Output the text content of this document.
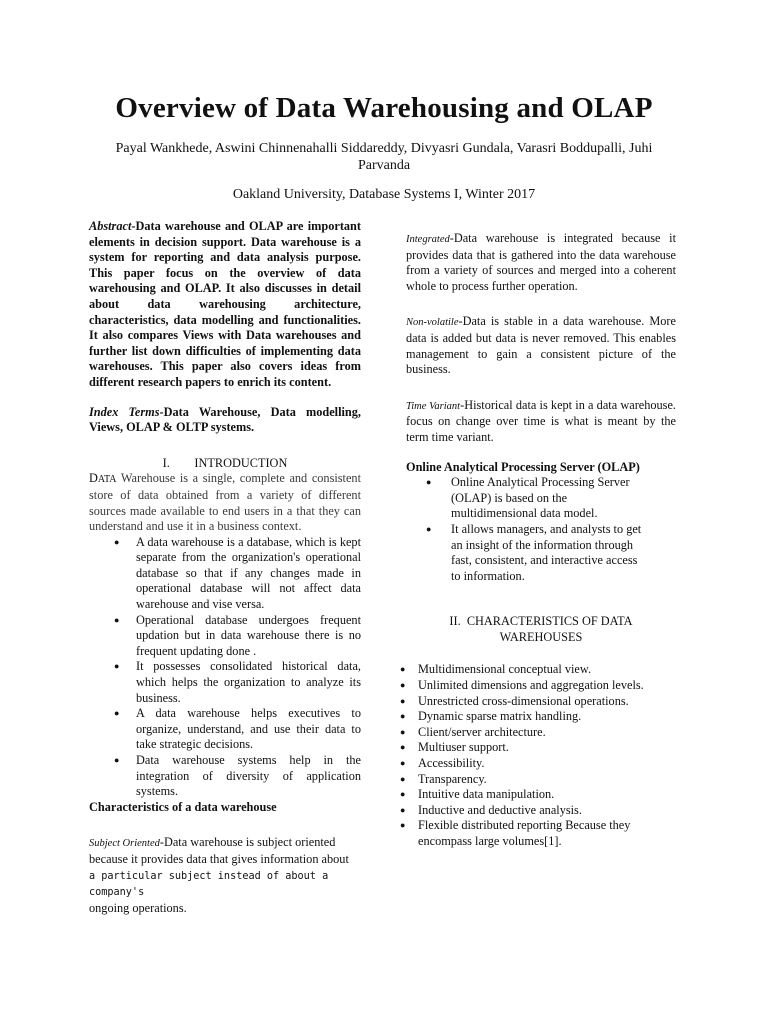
Overview of Data Warehousing and OLAP

Payal Wankhede, Aswini Chinnenahalli Siddareddy, Divyasri Gundala, Varasri Boddupalli, Juhi Parvanda

Oakland University, Database Systems I, Winter 2017

Abstract-Data warehouse and OLAP are important elements in decision support. Data warehouse is a system for reporting and data analysis purpose. This paper focus on the overview of data warehousing and OLAP. It also discusses in detail about data warehousing architecture, characteristics, data modelling and functionalities. It also compares Views with Data warehouses and further list down difficulties of implementing data warehouses. This paper also covers ideas from different research papers to enrich its content.

Index Terms-Data Warehouse, Data modelling, Views, OLAP & OLTP systems.

I.        INTRODUCTION

DATA Warehouse is a single, complete and consistent store of data obtained from a variety of different sources made available to end users in a that they can understand and use it in a business context.

● A data warehouse is a database, which is kept separate from the organization's operational database so that if any changes made in operational database will not affect data warehouse and vise versa.
● Operational database undergoes frequent updation but in data warehouse there is no frequent updating done .
● It possesses consolidated historical data, which helps the organization to analyze its business.
● A data warehouse helps executives to organize, understand, and use their data to take strategic decisions.
● Data warehouse systems help in the integration of diversity of application systems.

Characteristics of a data warehouse

Subject Oriented-Data warehouse is subject oriented because it provides data that gives information about
a particular subject instead of about a company's
ongoing operations.

Integrated-Data warehouse is integrated because it provides data that is gathered into the data warehouse from a variety of sources and merged into a coherent whole to process further operation.

Non-volatile-Data is stable in a data warehouse. More data is added but data is never removed. This enables management to gain a consistent picture of the business.

Time Variant-Historical data is kept in a data warehouse. focus on change over time is what is meant by the term time variant.

Online Analytical Processing Server (OLAP)

● Online Analytical Processing Server (OLAP) is based on the multidimensional data model.
● It allows managers, and analysts to get an insight of the information through fast, consistent, and interactive access to information.

II.  CHARACTERISTICS OF DATA
WAREHOUSES

● Multidimensional conceptual view.
● Unlimited dimensions and aggregation levels.
● Unrestricted cross-dimensional operations.
● Dynamic sparse matrix handling.
● Client/server architecture.
● Multiuser support.
● Accessibility.
● Transparency.
● Intuitive data manipulation.
● Inductive and deductive analysis.
● Flexible distributed reporting Because they encompass large volumes[1].
